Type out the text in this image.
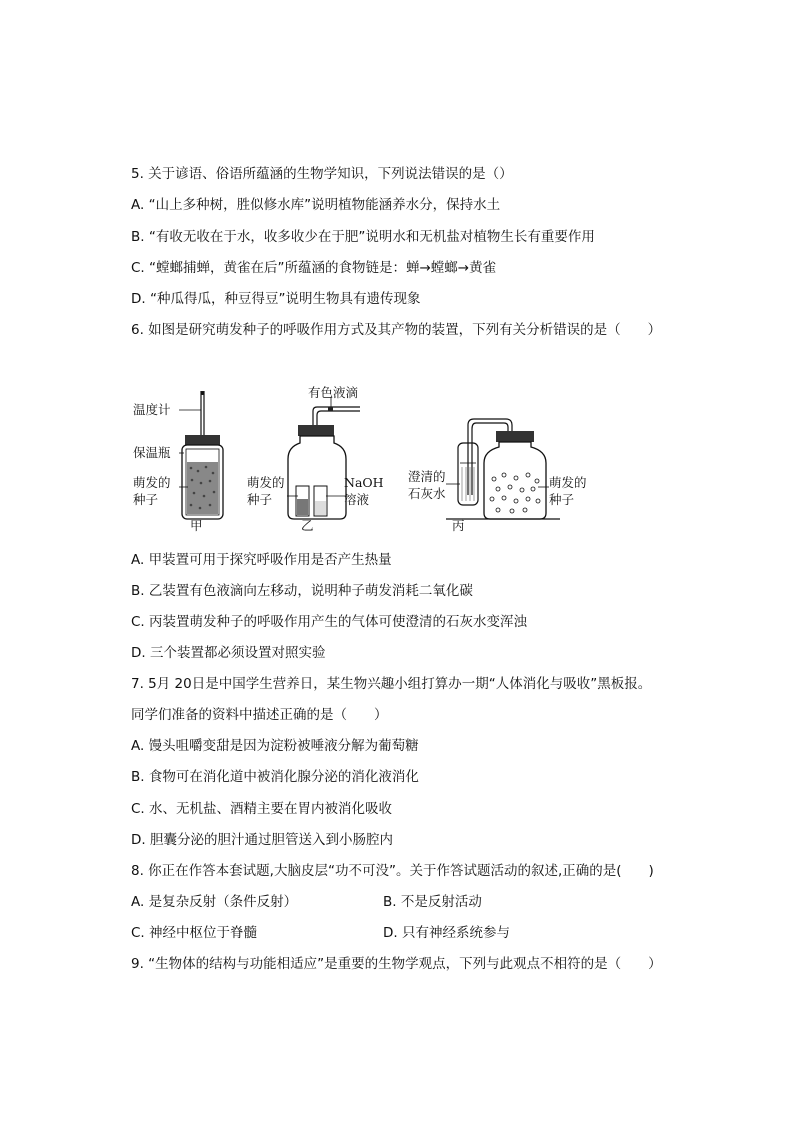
5. 关于谚语、俗语所蕴涵的生物学知识，下列说法错误的是（）
A. “山上多种树，胜似修水库”说明植物能涵养水分，保持水土
B. “有收无收在于水，收多收少在于肥”说明水和无机盐对植物生长有重要作用
C. “螳螂捕蝉，黄雀在后”所蕴涵的食物链是：蝉→螳螂→黄雀
D. “种瓜得瓜，种豆得豆”说明生物具有遗传现象
6. 如图是研究萌发种子的呼吸作用方式及其产物的装置，下列有关分析错误的是（　　）
温度计
保温瓶
萌发的
种子
甲
有色液滴
萌发的
种子
NaOH
溶液
乙
澄清的
石灰水
萌发的
种子
丙
A. 甲装置可用于探究呼吸作用是否产生热量
B. 乙装置有色液滴向左移动，说明种子萌发消耗二氧化碳
C. 丙装置萌发种子的呼吸作用产生的气体可使澄清的石灰水变浑浊
D. 三个装置都必须设置对照实验
7. 5月 20日是中国学生营养日，某生物兴趣小组打算办一期“人体消化与吸收”黑板报。
同学们准备的资料中描述正确的是（　　）
A. 馒头咀嚼变甜是因为淀粉被唾液分解为葡萄糖
B. 食物可在消化道中被消化腺分泌的消化液消化
C. 水、无机盐、酒精主要在胃内被消化吸收
D. 胆囊分泌的胆汁通过胆管送入到小肠腔内
8. 你正在作答本套试题,大脑皮层“功不可没”。关于作答试题活动的叙述,正确的是(　　)
A. 是复杂反射（条件反射）	B. 不是反射活动
C. 神经中枢位于脊髓	D. 只有神经系统参与
9. “生物体的结构与功能相适应”是重要的生物学观点，下列与此观点不相符的是（　　）
